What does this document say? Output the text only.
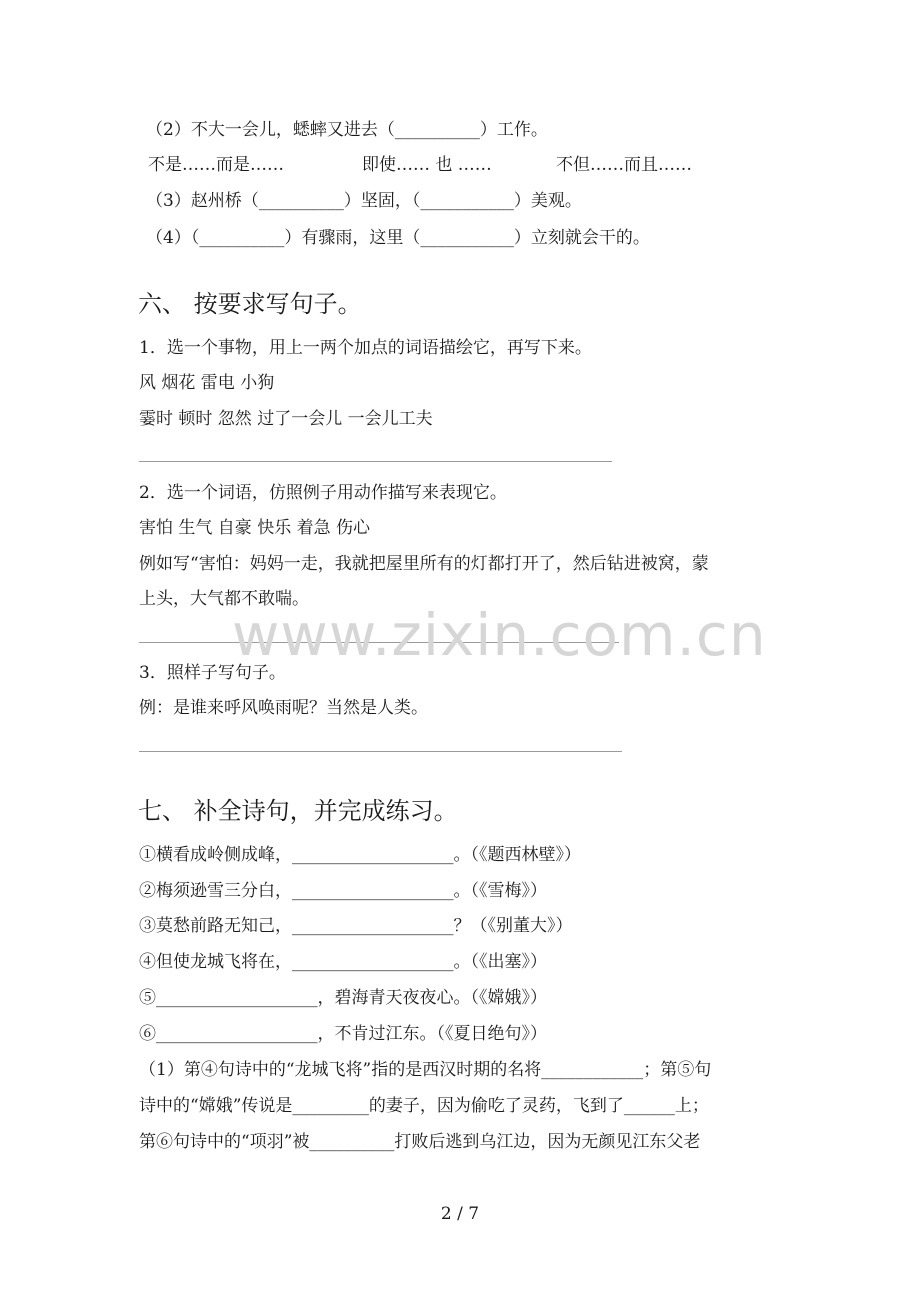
（2）不大一会儿，蟋蟀又进去（__________）工作。
不是……而是……	即使…… 也 ……	不但……而且……
（3）赵州桥（__________）坚固，（___________）美观。
（4）（__________）有骤雨，这里（___________）立刻就会干的。
六、 按要求写句子。
1．选一个事物，用上一两个加点的词语描绘它，再写下来。
风 烟花 雷电 小狗
霎时 顿时 忽然 过了一会儿 一会儿工夫
2．选一个词语，仿照例子用动作描写来表现它。
害怕 生气 自豪 快乐 着急 伤心
例如写“害怕：妈妈一走，我就把屋里所有的灯都打开了，然后钻进被窝，蒙
上头，大气都不敢喘。
3．照样子写句子。
例：是谁来呼风唤雨呢？当然是人类。
七、 补全诗句，并完成练习。
①横看成岭侧成峰，___________________。（《题西林壁》）
②梅须逊雪三分白，___________________。（《雪梅》）
③莫愁前路无知己，___________________？（《别董大》）
④但使龙城飞将在，___________________。（《出塞》）
⑤___________________，碧海青天夜夜心。（《嫦娥》）
⑥___________________，不肯过江东。（《夏日绝句》）
（1）第④句诗中的“龙城飞将”指的是西汉时期的名将____________；第⑤句
诗中的“嫦娥”传说是_________的妻子，因为偷吃了灵药，飞到了______上；
第⑥句诗中的“项羽”被__________打败后逃到乌江边，因为无颜见江东父老
www.zixin.com.cn
2 / 7
